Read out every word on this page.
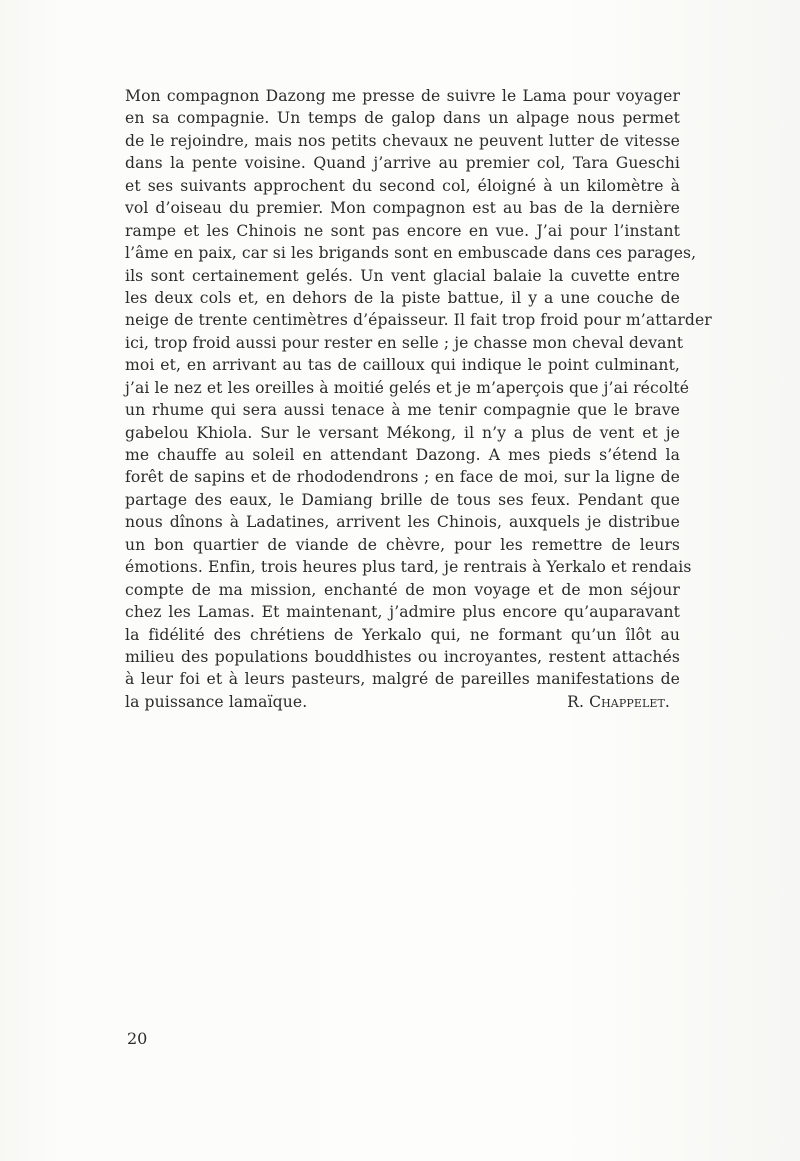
Mon compagnon Dazong me presse de suivre le Lama pour voyager
en sa compagnie. Un temps de galop dans un alpage nous permet
de le rejoindre, mais nos petits chevaux ne peuvent lutter de vitesse
dans la pente voisine. Quand j’arrive au premier col, Tara Gueschi
et ses suivants approchent du second col, éloigné à un kilomètre à
vol d’oiseau du premier. Mon compagnon est au bas de la dernière
rampe et les Chinois ne sont pas encore en vue. J’ai pour l’instant
l’âme en paix, car si les brigands sont en embuscade dans ces parages,
ils sont certainement gelés. Un vent glacial balaie la cuvette entre
les deux cols et, en dehors de la piste battue, il y a une couche de
neige de trente centimètres d’épaisseur. Il fait trop froid pour m’attarder
ici, trop froid aussi pour rester en selle ; je chasse mon cheval devant
moi et, en arrivant au tas de cailloux qui indique le point culminant,
j’ai le nez et les oreilles à moitié gelés et je m’aperçois que j’ai récolté
un rhume qui sera aussi tenace à me tenir compagnie que le brave
gabelou Khiola. Sur le versant Mékong, il n’y a plus de vent et je
me chauffe au soleil en attendant Dazong. A mes pieds s’étend la
forêt de sapins et de rhododendrons ; en face de moi, sur la ligne de
partage des eaux, le Damiang brille de tous ses feux. Pendant que
nous dînons à Ladatines, arrivent les Chinois, auxquels je distribue
un bon quartier de viande de chèvre, pour les remettre de leurs
émotions. Enfin, trois heures plus tard, je rentrais à Yerkalo et rendais
compte de ma mission, enchanté de mon voyage et de mon séjour
chez les Lamas. Et maintenant, j’admire plus encore qu’auparavant
la fidélité des chrétiens de Yerkalo qui, ne formant qu’un îlôt au
milieu des populations bouddhistes ou incroyantes, restent attachés
à leur foi et à leurs pasteurs, malgré de pareilles manifestations de
la puissance lamaïque.	R. Chappelet.
20
